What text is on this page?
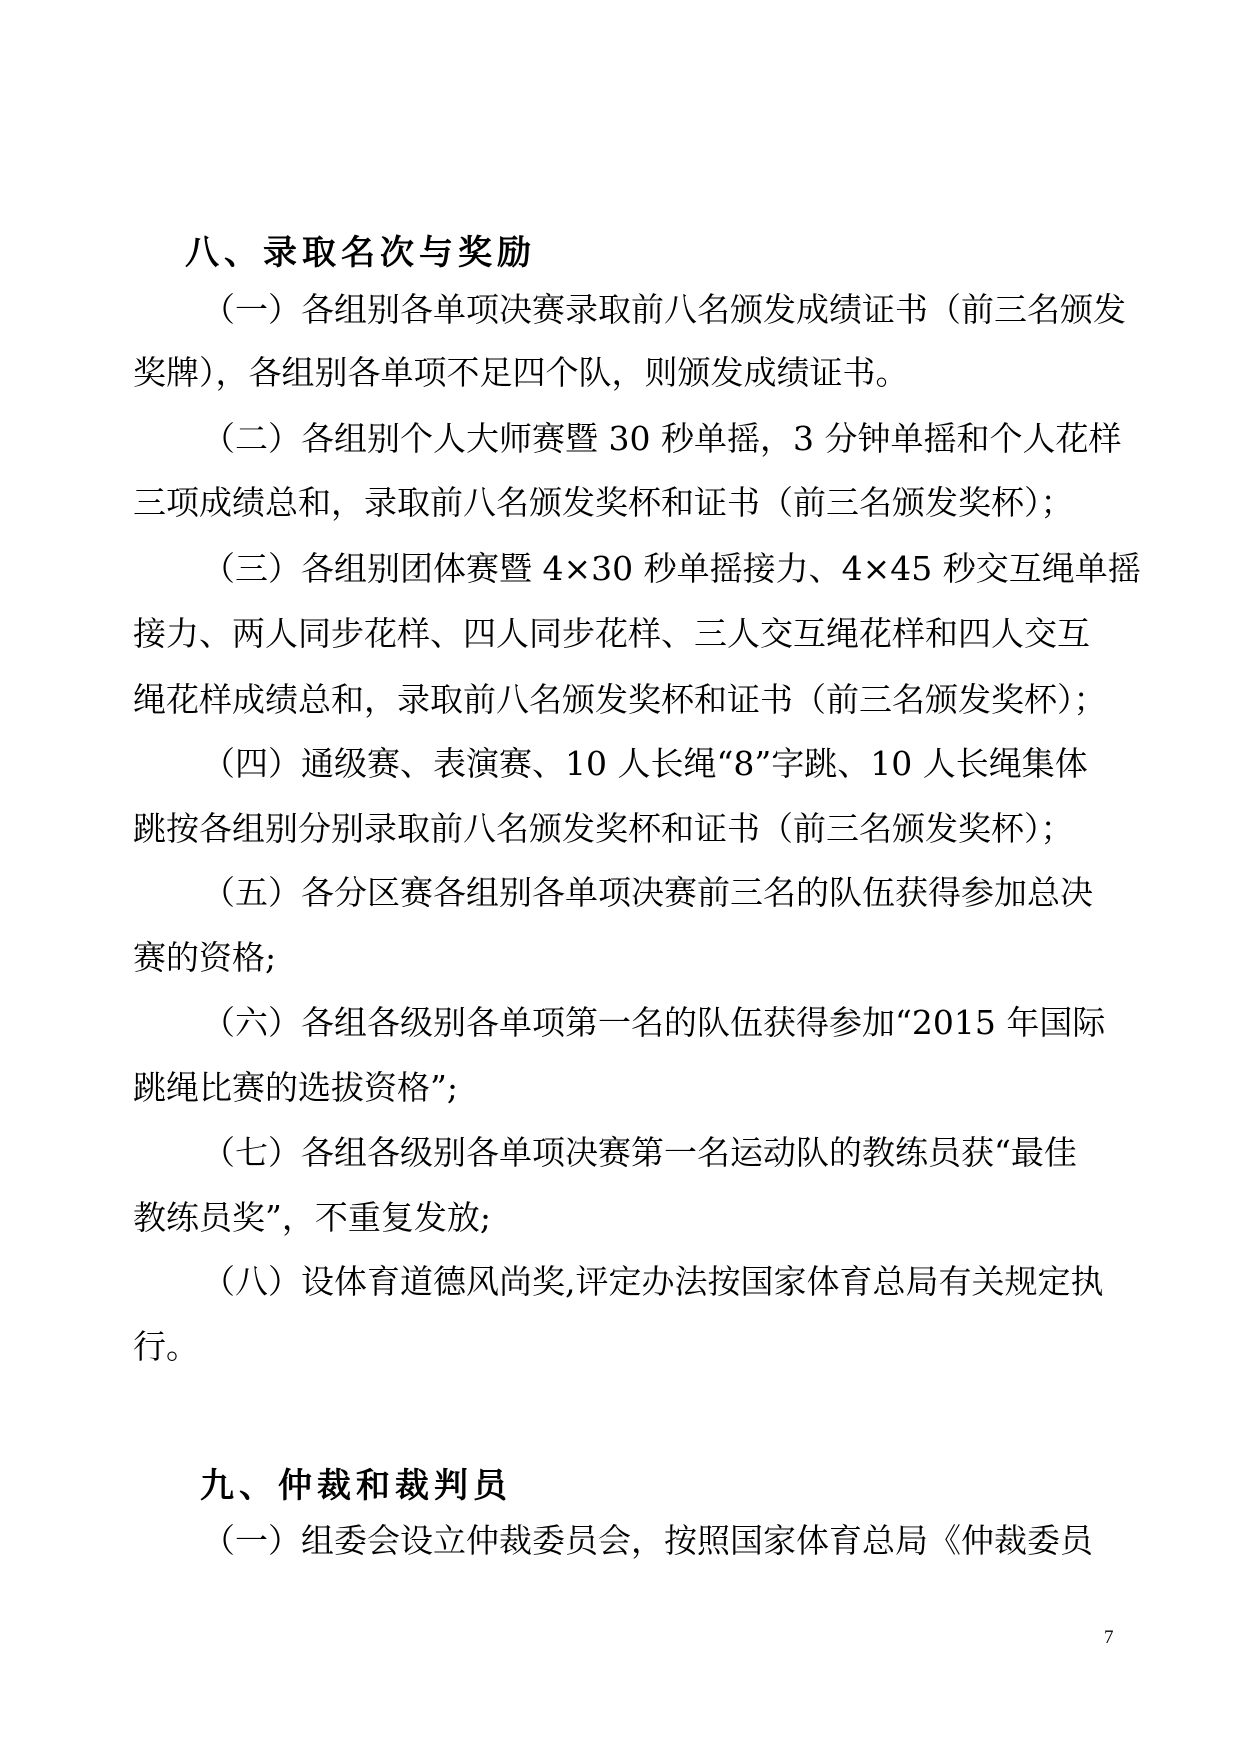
八、录取名次与奖励
（一）各组别各单项决赛录取前八名颁发成绩证书（前三名颁发
奖牌），各组别各单项不足四个队，则颁发成绩证书。
（二）各组别个人大师赛暨 30 秒单摇，3 分钟单摇和个人花样
三项成绩总和，录取前八名颁发奖杯和证书（前三名颁发奖杯）；
（三）各组别团体赛暨 4×30 秒单摇接力、4×45 秒交互绳单摇
接力、两人同步花样、四人同步花样、三人交互绳花样和四人交互
绳花样成绩总和，录取前八名颁发奖杯和证书（前三名颁发奖杯）；
（四）通级赛、表演赛、10 人长绳“8”字跳、10 人长绳集体
跳按各组别分别录取前八名颁发奖杯和证书（前三名颁发奖杯）；
（五）各分区赛各组别各单项决赛前三名的队伍获得参加总决
赛的资格;
（六）各组各级别各单项第一名的队伍获得参加“2015 年国际
跳绳比赛的选拔资格”;
（七）各组各级别各单项决赛第一名运动队的教练员获“最佳
教练员奖”，不重复发放;
（八）设体育道德风尚奖,评定办法按国家体育总局有关规定执
行。
九、仲裁和裁判员
（一）组委会设立仲裁委员会，按照国家体育总局《仲裁委员
7
